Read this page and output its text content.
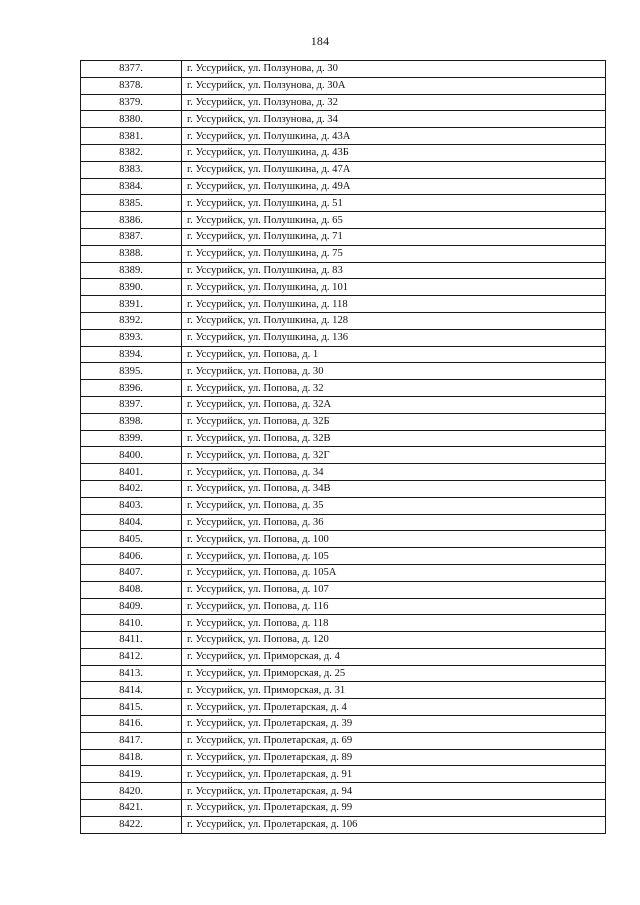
184
8377.	г. Уссурийск, ул. Ползунова, д. 30
8378.	г. Уссурийск, ул. Ползунова, д. 30А
8379.	г. Уссурийск, ул. Ползунова, д. 32
8380.	г. Уссурийск, ул. Ползунова, д. 34
8381.	г. Уссурийск, ул. Полушкина, д. 43А
8382.	г. Уссурийск, ул. Полушкина, д. 43Б
8383.	г. Уссурийск, ул. Полушкина, д. 47А
8384.	г. Уссурийск, ул. Полушкина, д. 49А
8385.	г. Уссурийск, ул. Полушкина, д. 51
8386.	г. Уссурийск, ул. Полушкина, д. 65
8387.	г. Уссурийск, ул. Полушкина, д. 71
8388.	г. Уссурийск, ул. Полушкина, д. 75
8389.	г. Уссурийск, ул. Полушкина, д. 83
8390.	г. Уссурийск, ул. Полушкина, д. 101
8391.	г. Уссурийск, ул. Полушкина, д. 118
8392.	г. Уссурийск, ул. Полушкина, д. 128
8393.	г. Уссурийск, ул. Полушкина, д. 136
8394.	г. Уссурийск, ул. Попова, д. 1
8395.	г. Уссурийск, ул. Попова, д. 30
8396.	г. Уссурийск, ул. Попова, д. 32
8397.	г. Уссурийск, ул. Попова, д. 32А
8398.	г. Уссурийск, ул. Попова, д. 32Б
8399.	г. Уссурийск, ул. Попова, д. 32В
8400.	г. Уссурийск, ул. Попова, д. 32Г
8401.	г. Уссурийск, ул. Попова, д. 34
8402.	г. Уссурийск, ул. Попова, д. 34В
8403.	г. Уссурийск, ул. Попова, д. 35
8404.	г. Уссурийск, ул. Попова, д. 36
8405.	г. Уссурийск, ул. Попова, д. 100
8406.	г. Уссурийск, ул. Попова, д. 105
8407.	г. Уссурийск, ул. Попова, д. 105А
8408.	г. Уссурийск, ул. Попова, д. 107
8409.	г. Уссурийск, ул. Попова, д. 116
8410.	г. Уссурийск, ул. Попова, д. 118
8411.	г. Уссурийск, ул. Попова, д. 120
8412.	г. Уссурийск, ул. Приморская, д. 4
8413.	г. Уссурийск, ул. Приморская, д. 25
8414.	г. Уссурийск, ул. Приморская, д. 31
8415.	г. Уссурийск, ул. Пролетарская, д. 4
8416.	г. Уссурийск, ул. Пролетарская, д. 39
8417.	г. Уссурийск, ул. Пролетарская, д. 69
8418.	г. Уссурийск, ул. Пролетарская, д. 89
8419.	г. Уссурийск, ул. Пролетарская, д. 91
8420.	г. Уссурийск, ул. Пролетарская, д. 94
8421.	г. Уссурийск, ул. Пролетарская, д. 99
8422.	г. Уссурийск, ул. Пролетарская, д. 106
